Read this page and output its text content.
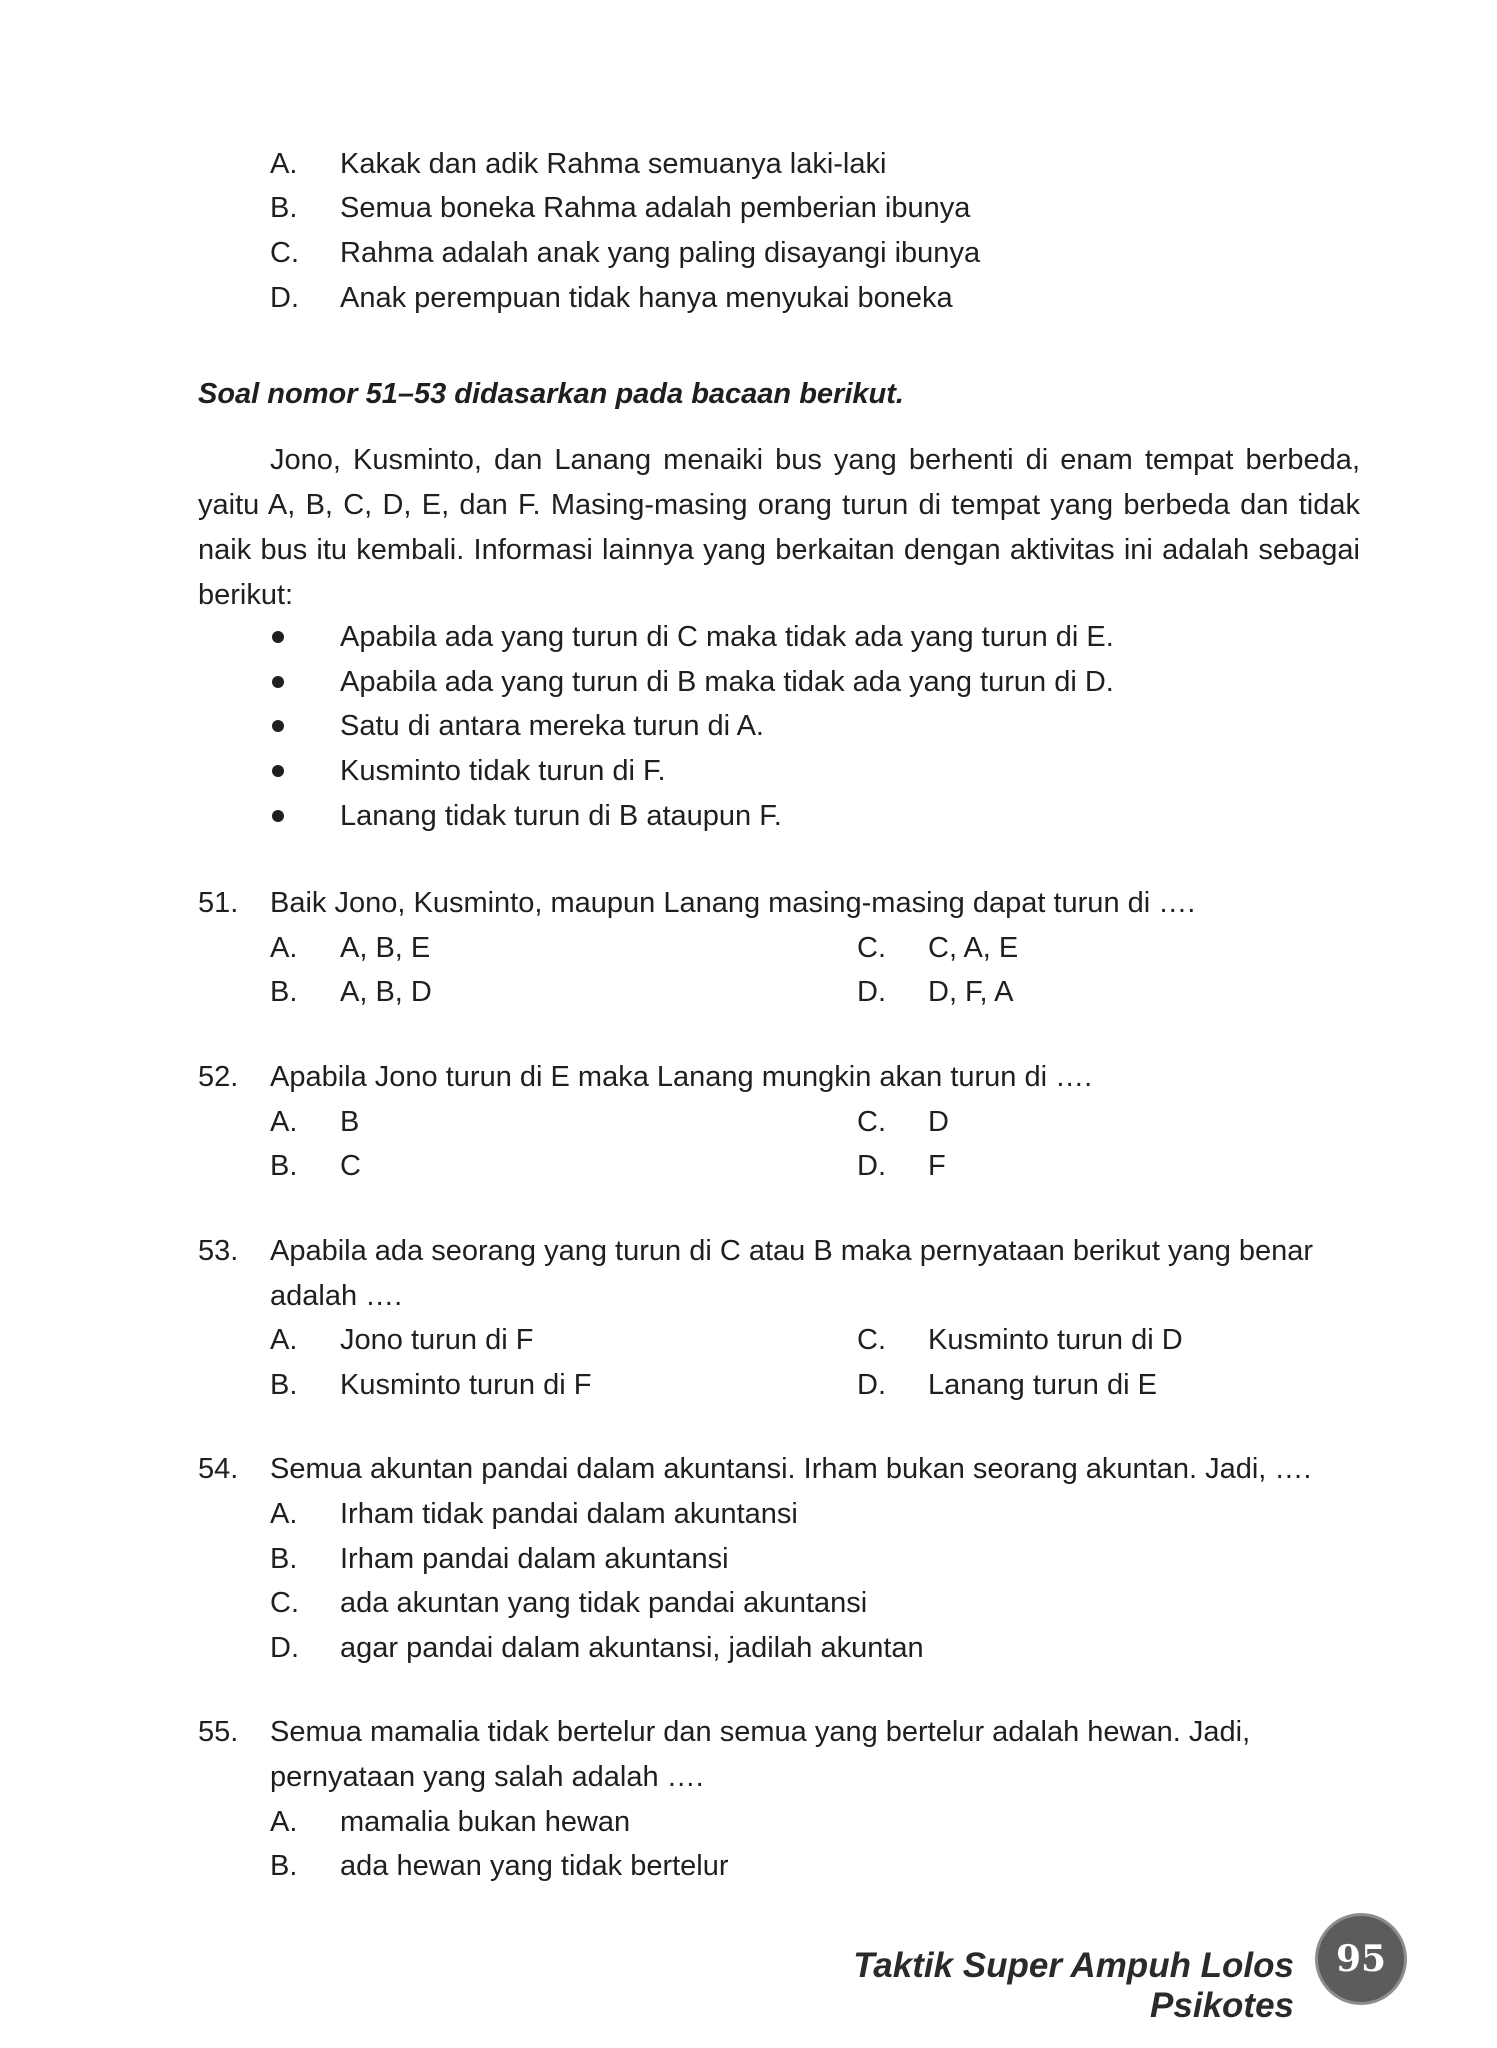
A. Kakak dan adik Rahma semuanya laki-laki
B. Semua boneka Rahma adalah pemberian ibunya
C. Rahma adalah anak yang paling disayangi ibunya
D. Anak perempuan tidak hanya menyukai boneka
Soal nomor 51–53 didasarkan pada bacaan berikut.
Jono, Kusminto, dan Lanang menaiki bus yang berhenti di enam tempat berbeda, yaitu A, B, C, D, E, dan F. Masing-masing orang turun di tempat yang berbeda dan tidak naik bus itu kembali. Informasi lainnya yang berkaitan dengan aktivitas ini adalah sebagai berikut:
Apabila ada yang turun di C maka tidak ada yang turun di E.
Apabila ada yang turun di B maka tidak ada yang turun di D.
Satu di antara mereka turun di A.
Kusminto tidak turun di F.
Lanang tidak turun di B ataupun F.
51. Baik Jono, Kusminto, maupun Lanang masing-masing dapat turun di ….
A. A, B, E
B. A, B, D
C. C, A, E
D. D, F, A
52. Apabila Jono turun di E maka Lanang mungkin akan turun di ….
A. B
B. C
C. D
D. F
53. Apabila ada seorang yang turun di C atau B maka pernyataan berikut yang benar
adalah ….
A. Jono turun di F
B. Kusminto turun di F
C. Kusminto turun di D
D. Lanang turun di E
54. Semua akuntan pandai dalam akuntansi. Irham bukan seorang akuntan. Jadi, ….
A. Irham tidak pandai dalam akuntansi
B. Irham pandai dalam akuntansi
C. ada akuntan yang tidak pandai akuntansi
D. agar pandai dalam akuntansi, jadilah akuntan
55. Semua mamalia tidak bertelur dan semua yang bertelur adalah hewan. Jadi,
pernyataan yang salah adalah ….
A. mamalia bukan hewan
B. ada hewan yang tidak bertelur
Taktik Super Ampuh Lolos Psikotes
95
